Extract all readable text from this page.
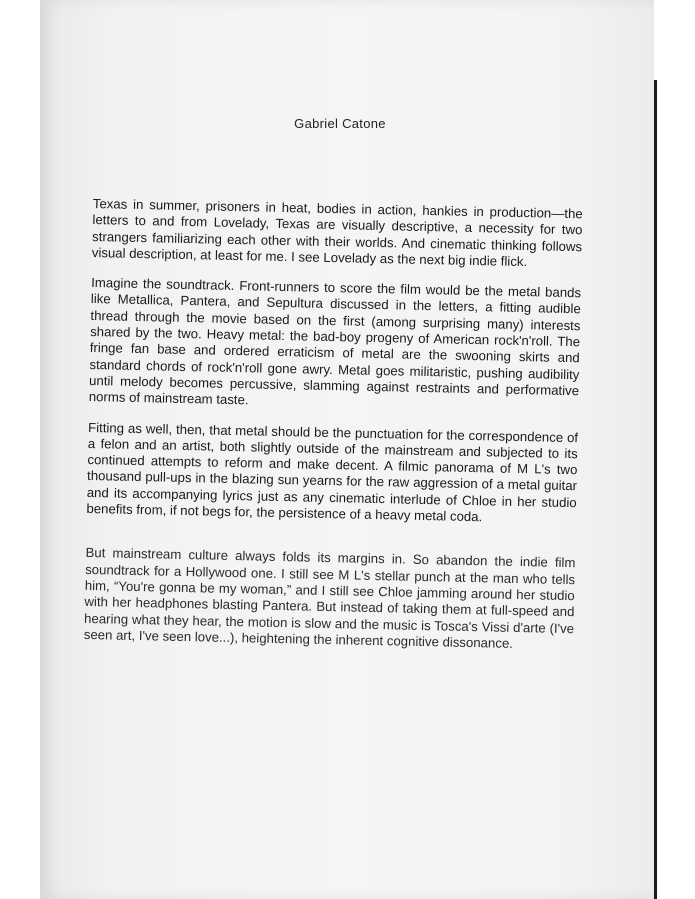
Gabriel Catone

Texas in summer, prisoners in heat, bodies in action, hankies in production—the letters to and from Lovelady, Texas are visually descriptive, a necessity for two strangers familiarizing each other with their worlds. And cinematic thinking follows visual description, at least for me. I see Lovelady as the next big indie flick.

Imagine the soundtrack. Front-runners to score the film would be the metal bands like Metallica, Pantera, and Sepultura discussed in the letters, a fitting audible thread through the movie based on the first (among surprising many) interests shared by the two. Heavy metal: the bad-boy progeny of American rock'n'roll. The fringe fan base and ordered erraticism of metal are the swooning skirts and standard chords of rock'n'roll gone awry. Metal goes militaristic, pushing audibility until melody becomes percussive, slamming against restraints and performative norms of mainstream taste.

Fitting as well, then, that metal should be the punctuation for the correspondence of a felon and an artist, both slightly outside of the mainstream and subjected to its continued attempts to reform and make decent. A filmic panorama of M L's two thousand pull-ups in the blazing sun yearns for the raw aggression of a metal guitar and its accompanying lyrics just as any cinematic interlude of Chloe in her studio benefits from, if not begs for, the persistence of a heavy metal coda.

But mainstream culture always folds its margins in. So abandon the indie film soundtrack for a Hollywood one. I still see M L's stellar punch at the man who tells him, “You're gonna be my woman,” and I still see Chloe jamming around her studio with her headphones blasting Pantera. But instead of taking them at full-speed and hearing what they hear, the motion is slow and the music is Tosca's Vissi d'arte (I've seen art, I've seen love...), heightening the inherent cognitive dissonance.
